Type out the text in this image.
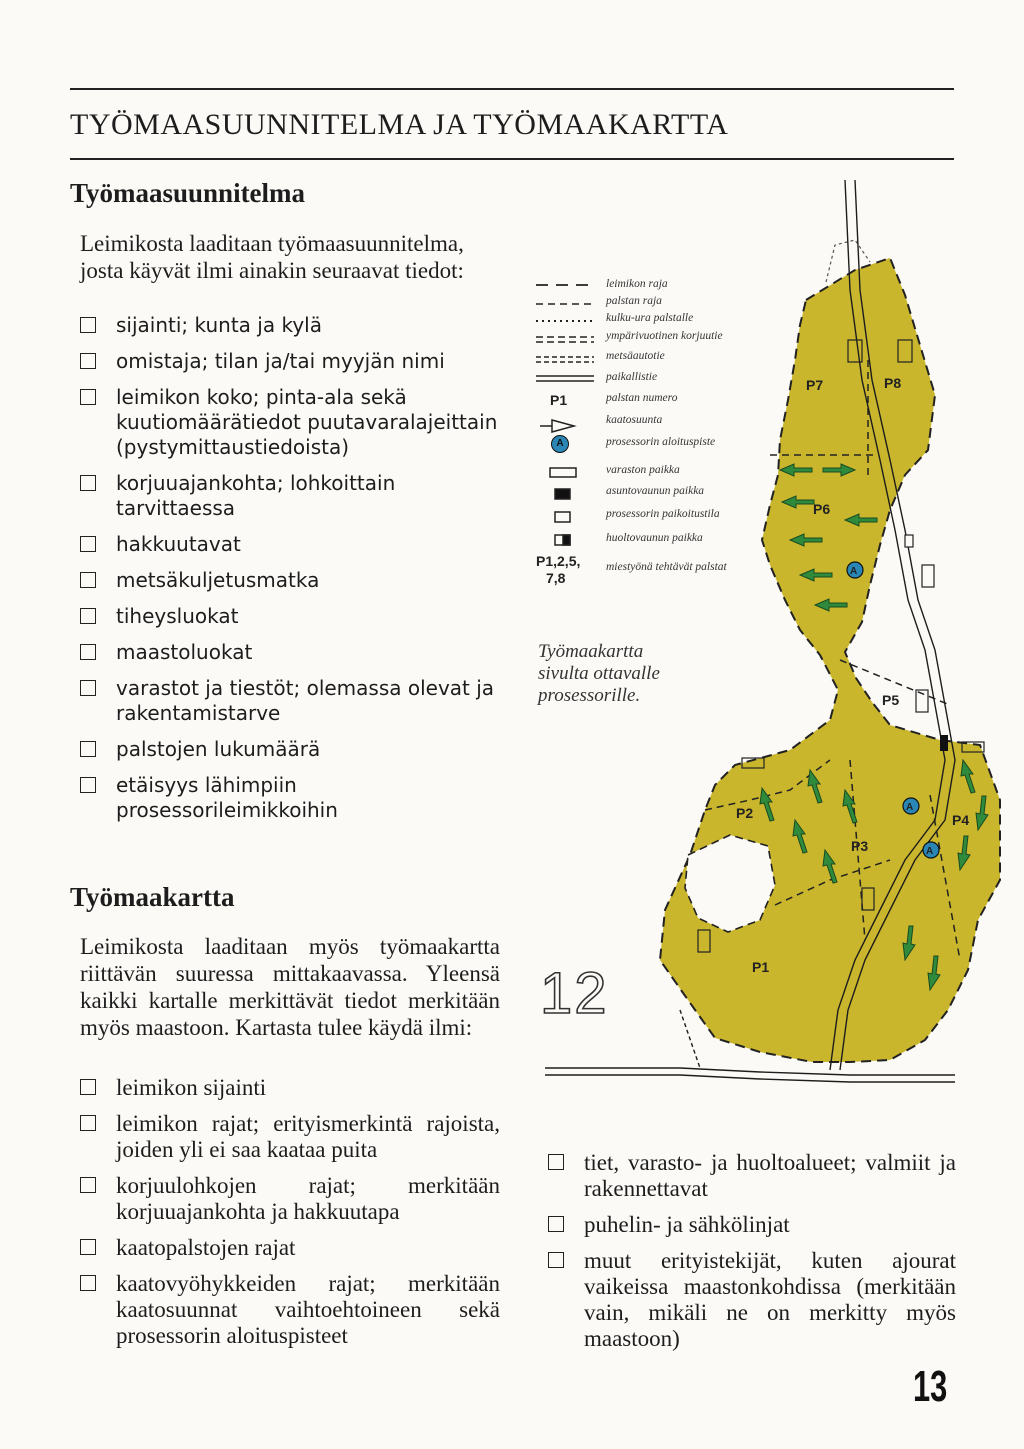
TYÖMAASUUNNITELMA JA TYÖMAAKARTTA
Työmaasuunnitelma

Leimikosta laaditaan työmaasuunnitelma, josta käyvät ilmi ainakin seuraavat tiedot:

sijainti; kunta ja kylä
omistaja; tilan ja/tai myyjän nimi
leimikon koko; pinta-ala sekä kuutiomäärätiedot puutavaralajeittain (pystymittaustiedoista)
korjuuajankohta; lohkoittain tarvittaessa
hakkuutavat
metsäkuljetusmatka
tiheysluokat
maastoluokat
varastot ja tiestöt; olemassa olevat ja rakentamistarve
palstojen lukumäärä
etäisyys lähimpiin prosessorileimikkoihin
Työmaakartta

Leimikosta laaditaan myös työmaakartta riittävän suuressa mittakaavassa. Yleensä kaikki kartalle merkittävät tiedot merkitään myös maastoon. Kartasta tulee käydä ilmi:

leimikon sijainti
leimikon rajat; erityismerkintä rajoista, joiden yli ei saa kaataa puita
korjuulohkojen rajat; merkitään korjuuajankohta ja hakkuutapa
kaatopalstojen rajat
kaatovyöhykkeiden rajat; merkitään kaatosuunnat vaihtoehtoineen sekä prosessorin aloituspisteet
tiet, varasto- ja huoltoalueet; valmiit ja rakennettavat
puhelin- ja sähkölinjat
muut erityistekijät, kuten ajourat vaikeissa maastonkohdissa (merkitään vain, mikäli ne on merkitty myös maastoon)
leimikon raja
palstan raja
kulku-ura palstalle
ympärivuotinen korjuutie
metsäautotie
paikallistie
P1	palstan numero
kaatosuunta
A	prosessorin aloituspiste
varaston paikka
asuntovaunun paikka
prosessorin paikoitustila
huoltovaunun paikka
P1,2,5,
7,8
miestyönä tehtävät palstat

Työmaakartta sivulta ottavalle prosessorille.

12	P1
P2
P3
P4
P5
P6
P7	P8
A
A
A
13
